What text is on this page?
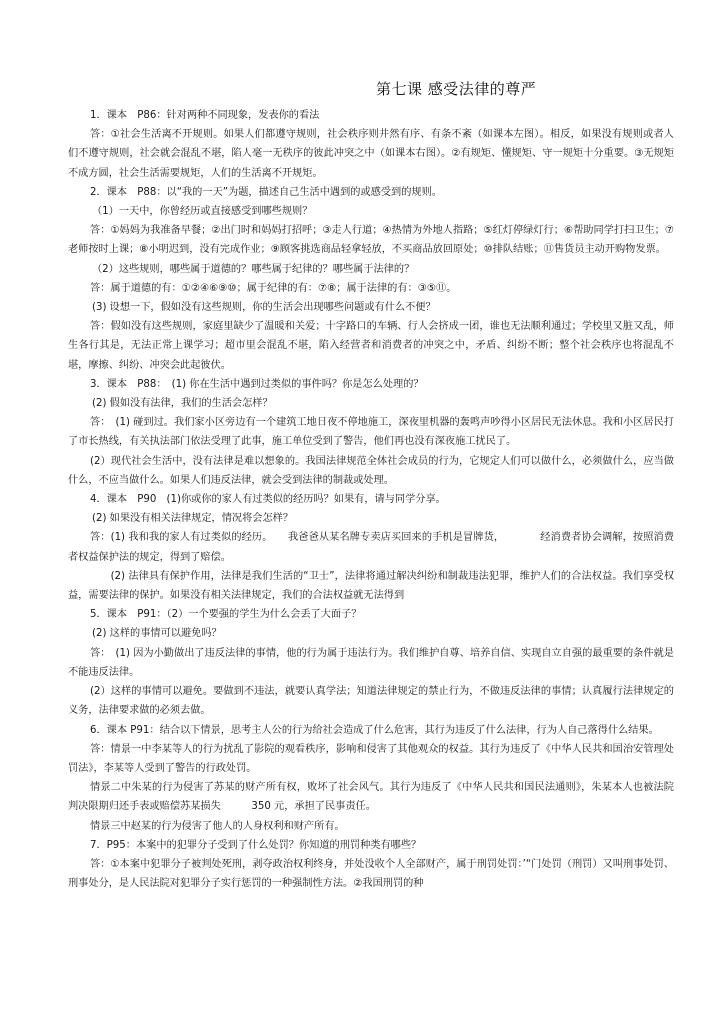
第七课 感受法律的尊严

1．课本　P86：针对两种不同现象，发表你的看法

答：①社会生活离不开规则。如果人们都遵守规则，社会秩序则井然有序、有条不紊（如课本左图）。相反，如果没有规则或者人们不遵守规则，社会就会混乱不堪，陷人毫一无秩序的彼此冲突之中（如课本右图）。②有规矩、懂规矩、守一规矩十分重要。③无规矩不成方圆，社会生活需要规矩，人们的生活离不开规矩。

2．课本　P88：以“我的一天”为题，描述自己生活中遇到的或感受到的规则。

（1）一天中，你曾经历或直接感受到哪些规则？

答：①妈妈为我准备早餐；②出门时和妈妈打招呼；③走人行道；④热情为外地人指路；⑤红灯停绿灯行；⑥帮助同学打扫卫生；⑦老师按时上课；⑧小明迟到，没有完成作业；⑨顾客挑选商品轻拿轻放，不买商品放回原处；⑩排队结账；⑪售货员主动开购物发票。

（2）这些规则，哪些属于道德的？哪些属于纪律的？哪些属于法律的？

答：属于道德的有：①②④⑥⑨⑩；属于纪律的有：⑦⑧；属于法律的有：③⑤⑪。

(3) 设想一下，假如没有这些规则，你的生活会出现哪些问题或有什么不便？

答：假如没有这些规则，家庭里缺少了温暖和关爱；十字路口的车辆、行人会挤成一团，谁也无法顺利通过；学校里又脏又乱，师生各行其是，无法正常上课学习；超市里会混乱不堪，陷入经营者和消费者的冲突之中，矛盾、纠纷不断；整个社会秩序也将混乱不堪，摩擦、纠纷、冲突会此起彼伏。

3．课本　P88：　(1) 你在生活中遇到过类似的事件吗？你是怎么处理的？

(2) 假如没有法律，我们的生活会怎样？

答：　(1) 碰到过。我们家小区旁边有一个建筑工地日夜不停地施工，深夜里机器的轰鸣声吵得小区居民无法休息。我和小区居民打了市长热线，有关执法部门依法受理了此事，施工单位受到了警告，他们再也没有深夜施工扰民了。

(2）现代社会生活中，没有法律是难以想象的。我国法律规范全体社会成员的行为，它规定人们可以做什么，必须做什么，应当做什么，不应当做什么。如果人们违反法律，就会受到法律的制裁或处理。

4．课本　P90　(1)你或你的家人有过类似的经历吗？如果有，请与同学分享。

(2) 如果没有相关法律规定，情况将会怎样？

答：(1) 我和我的家人有过类似的经历。　　我爸爸从某名牌专卖店买回来的手机是冒牌货，　　　　经消费者协会调解，按照消费者权益保护法的规定，得到了赔偿。

　　(2) 法律具有保护作用，法律是我们生活的“卫士”，法律将通过解决纠纷和制裁违法犯罪，维护人们的合法权益。我们享受权益，需要法律的保护。如果没有相关法律规定，我们的合法权益就无法得到

5．课本　P91：（2）一个要强的学生为什么会丢了大面子？

(2) 这样的事情可以避免吗？

答：　(1) 因为小勤做出了违反法律的事情，他的行为属于违法行为。我们维护自尊、培养自信、实现自立自强的最重要的条件就是不能违反法律。

(2）这样的事情可以避免。要做到不违法，就要认真学法；知道法律规定的禁止行为，不做违反法律的事情；认真履行法律规定的义务，法律要求做的必须去做。

6．课本 P91：结合以下情景，思考主人公的行为给社会造成了什么危害，其行为违反了什么法律，行为人自己落得什么结果。

答：情景一中李某等人的行为扰乱了影院的观看秩序，影响和侵害了其他观众的权益。其行为违反了《中华人民共和国治安管理处罚法》，李某等人受到了警告的行政处罚。

情景二中朱某的行为侵害了苏某的财产所有权，败坏了社会风气。其行为违反了《中华人民共和国民法通则》，朱某本人也被法院判决限期归还手表或赔偿苏某损失　　　350 元，承担了民事责任。

情景三中赵某的行为侵害了他人的人身权利和财产所有。

7．P95：本案中的犯罪分子受到了什么处罚？你知道的刑罚种类有哪些？

答：①本案中犯罪分子被判处死刑，剥夺政治权利终身，并处没收个人全部财产，属于刑罚处罚：’“门处罚（刑罚）又叫刑事处罚、刑事处分，是人民法院对犯罪分子实行惩罚的一种强制性方法。②我国刑罚的种
